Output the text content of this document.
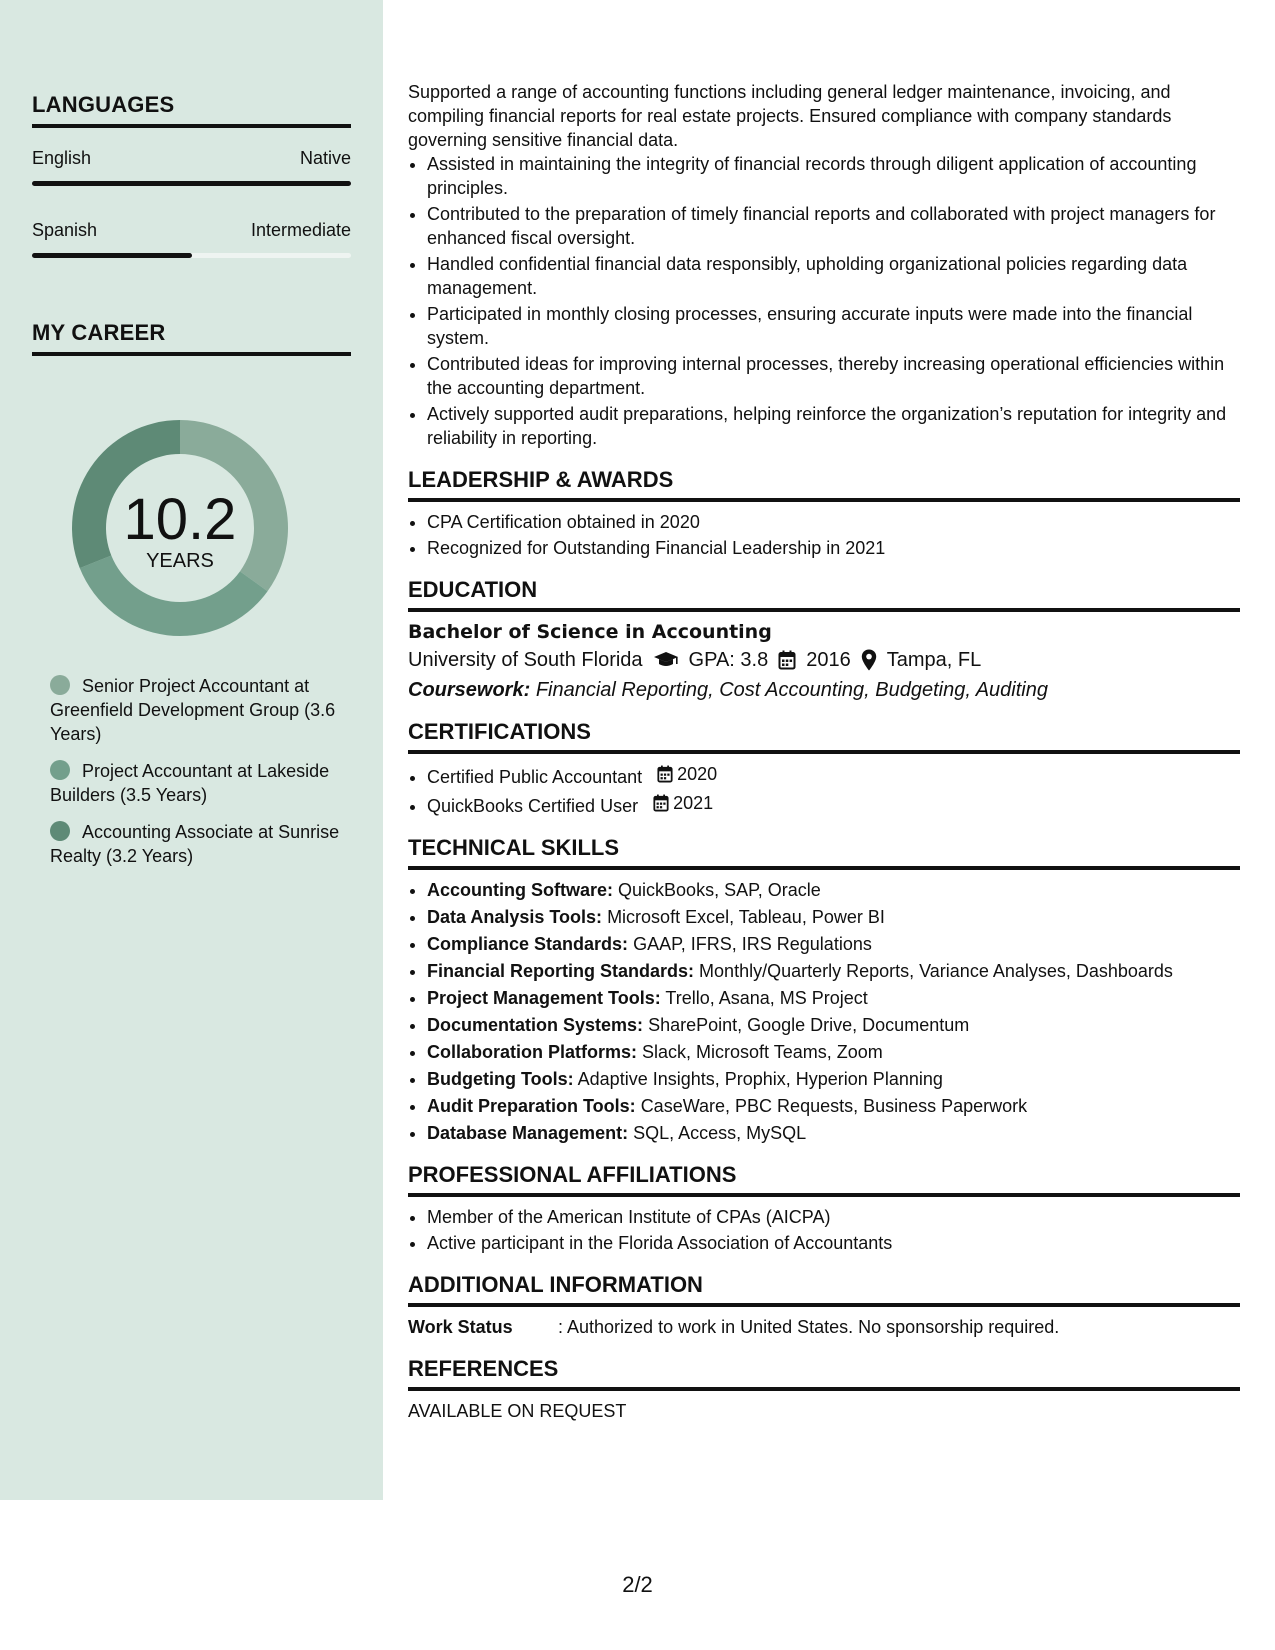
LANGUAGES
English	Native
Spanish	Intermediate
MY CAREER
10.2
YEARS
Senior Project Accountant at Greenfield Development Group (3.6 Years)
Project Accountant at Lakeside Builders (3.5 Years)
Accounting Associate at Sunrise Realty (3.2 Years)

Supported a range of accounting functions including general ledger maintenance, invoicing, and compiling financial reports for real estate projects. Ensured compliance with company standards governing sensitive financial data.

• Assisted in maintaining the integrity of financial records through diligent application of accounting principles.
• Contributed to the preparation of timely financial reports and collaborated with project managers for enhanced fiscal oversight.
• Handled confidential financial data responsibly, upholding organizational policies regarding data management.
• Participated in monthly closing processes, ensuring accurate inputs were made into the financial system.
• Contributed ideas for improving internal processes, thereby increasing operational efficiencies within the accounting department.
• Actively supported audit preparations, helping reinforce the organization’s reputation for integrity and reliability in reporting.
LEADERSHIP & AWARDS
• CPA Certification obtained in 2020
• Recognized for Outstanding Financial Leadership in 2021
EDUCATION
Bachelor of Science in Accounting
University of South Florida GPA: 3.8 2016 Tampa, FL
Coursework: Financial Reporting, Cost Accounting, Budgeting, Auditing
CERTIFICATIONS
• Certified Public Accountant 2020
• QuickBooks Certified User 2021
TECHNICAL SKILLS
• Accounting Software: QuickBooks, SAP, Oracle
• Data Analysis Tools: Microsoft Excel, Tableau, Power BI
• Compliance Standards: GAAP, IFRS, IRS Regulations
• Financial Reporting Standards: Monthly/Quarterly Reports, Variance Analyses, Dashboards
• Project Management Tools: Trello, Asana, MS Project
• Documentation Systems: SharePoint, Google Drive, Documentum
• Collaboration Platforms: Slack, Microsoft Teams, Zoom
• Budgeting Tools: Adaptive Insights, Prophix, Hyperion Planning
• Audit Preparation Tools: CaseWare, PBC Requests, Business Paperwork
• Database Management: SQL, Access, MySQL
PROFESSIONAL AFFILIATIONS
• Member of the American Institute of CPAs (AICPA)
• Active participant in the Florida Association of Accountants
ADDITIONAL INFORMATION
Work Status	: Authorized to work in United States. No sponsorship required.
REFERENCES
AVAILABLE ON REQUEST
2/2
